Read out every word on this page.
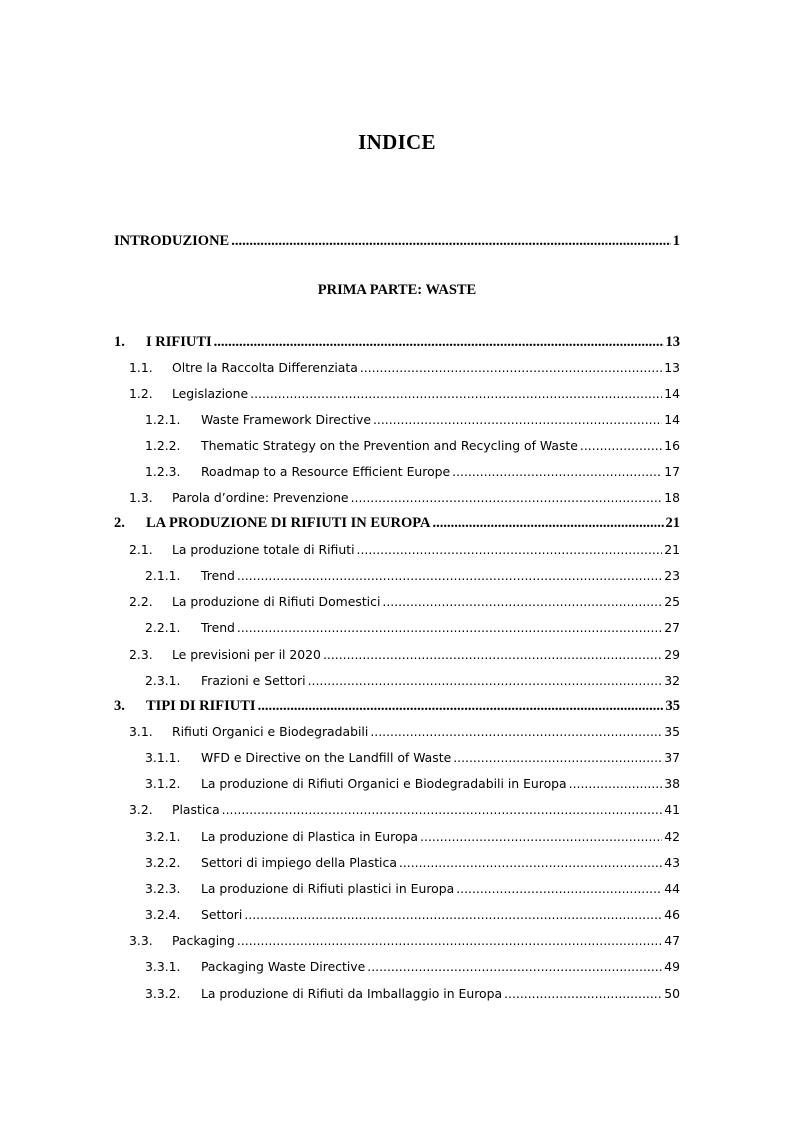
INDICE
INTRODUZIONE .....	1
PRIMA PARTE: WASTE
1.	I RIFIUTI .....	13
1.1.	Oltre la Raccolta Differenziata .....	13
1.2.	Legislazione .....	14
1.2.1.	Waste Framework Directive .....	14
1.2.2.	Thematic Strategy on the Prevention and Recycling of Waste .....	16
1.2.3.	Roadmap to a Resource Efficient Europe .....	17
1.3.	Parola d’ordine: Prevenzione .....	18
2.	LA PRODUZIONE DI RIFIUTI IN EUROPA .....	21
2.1.	La produzione totale di Rifiuti .....	21
2.1.1.	Trend .....	23
2.2.	La produzione di Rifiuti Domestici .....	25
2.2.1.	Trend .....	27
2.3.	Le previsioni per il 2020 .....	29
2.3.1.	Frazioni e Settori .....	32
3.	TIPI DI RIFIUTI .....	35
3.1.	Rifiuti Organici e Biodegradabili .....	35
3.1.1.	WFD e Directive on the Landfill of Waste .....	37
3.1.2.	La produzione di Rifiuti Organici e Biodegradabili in Europa .....	38
3.2.	Plastica .....	41
3.2.1.	La produzione di Plastica in Europa .....	42
3.2.2.	Settori di impiego della Plastica .....	43
3.2.3.	La produzione di Rifiuti plastici in Europa .....	44
3.2.4.	Settori .....	46
3.3.	Packaging .....	47
3.3.1.	Packaging Waste Directive .....	49
3.3.2.	La produzione di Rifiuti da Imballaggio in Europa .....	50
